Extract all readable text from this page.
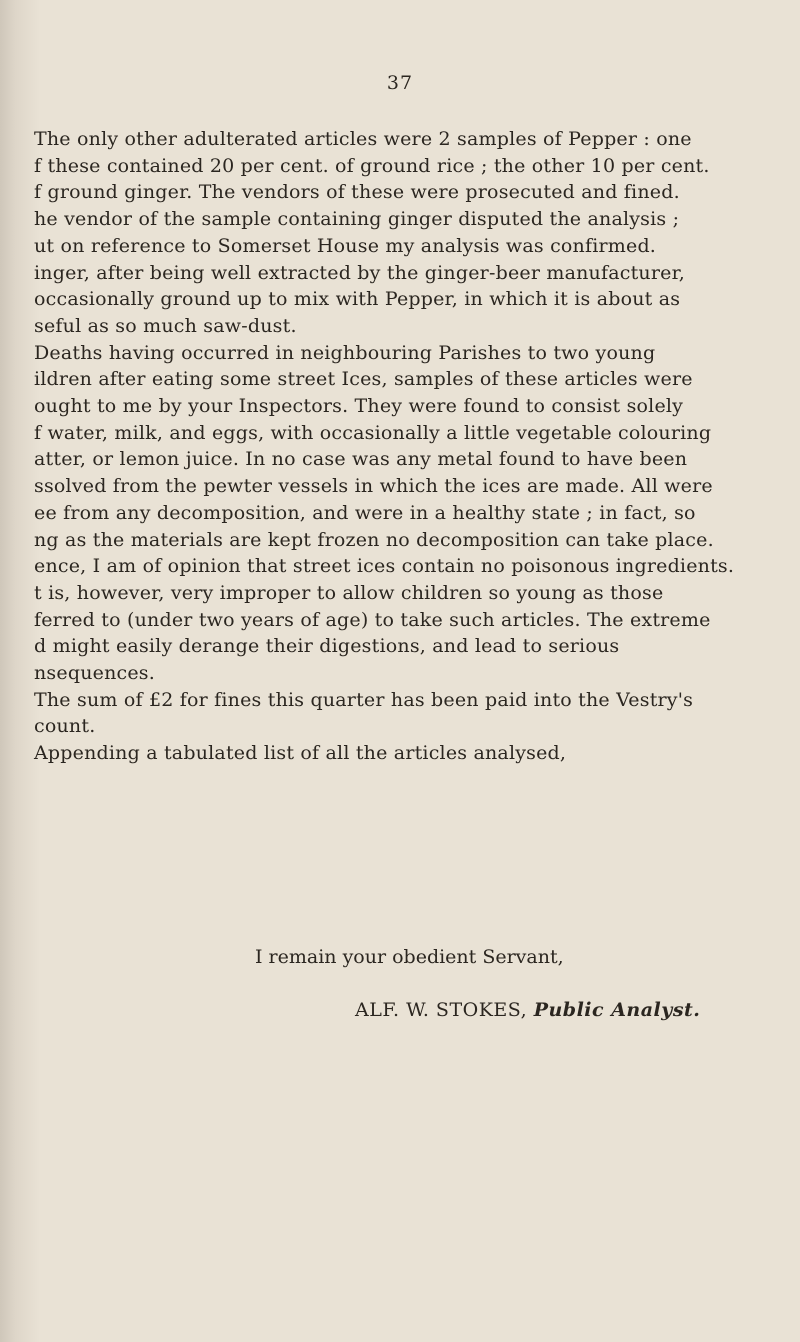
37
The only other adulterated articles were 2 samples of Pepper : one
f these contained 20 per cent. of ground rice ; the other 10 per cent.
f ground ginger. The vendors of these were prosecuted and fined.
he vendor of the sample containing ginger disputed the analysis ;
ut on reference to Somerset House my analysis was confirmed.
inger, after being well extracted by the ginger-beer manufacturer,
occasionally ground up to mix with Pepper, in which it is about as
seful as so much saw-dust.
Deaths having occurred in neighbouring Parishes to two young
ildren after eating some street Ices, samples of these articles were
ought to me by your Inspectors. They were found to consist solely
f water, milk, and eggs, with occasionally a little vegetable colouring
atter, or lemon juice. In no case was any metal found to have been
ssolved from the pewter vessels in which the ices are made. All were
ee from any decomposition, and were in a healthy state ; in fact, so
ng as the materials are kept frozen no decomposition can take place.
ence, I am of opinion that street ices contain no poisonous ingredients.
t is, however, very improper to allow children so young as those
ferred to (under two years of age) to take such articles. The extreme
d might easily derange their digestions, and lead to serious
nsequences.
The sum of £2 for fines this quarter has been paid into the Vestry's
count.
Appending a tabulated list of all the articles analysed,
I remain your obedient Servant,
ALF. W. STOKES, Public Analyst.
